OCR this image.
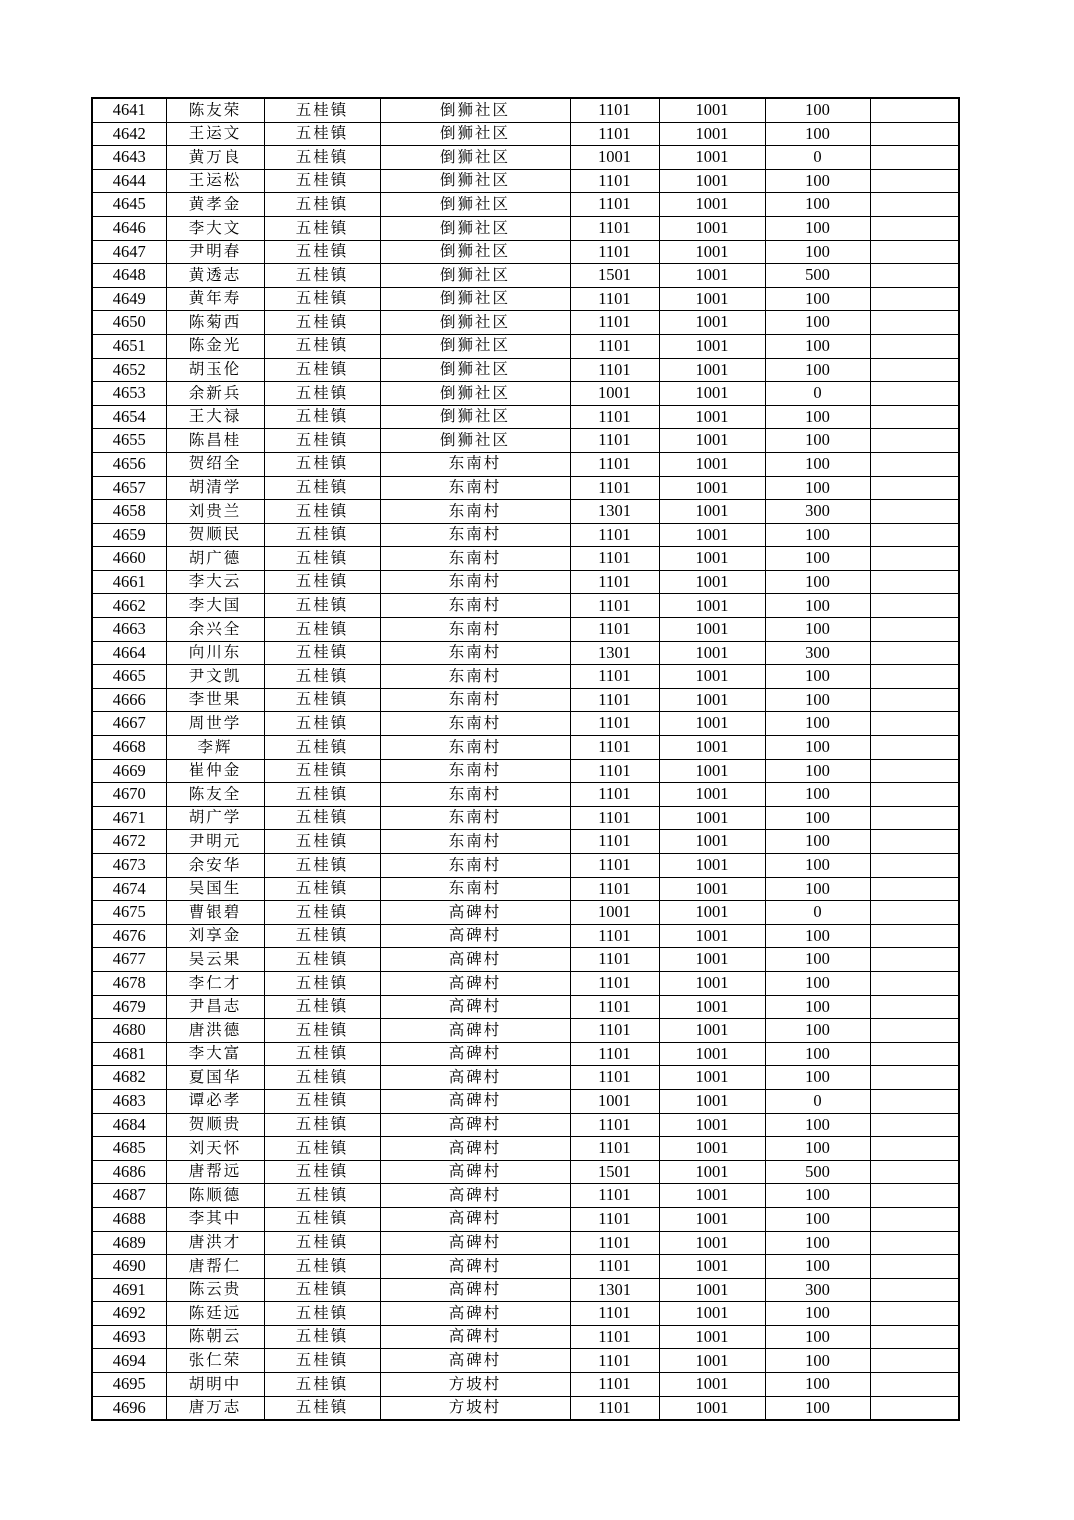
4641	陈友荣	五桂镇	倒狮社区	1101	1001	100	
4642	王运文	五桂镇	倒狮社区	1101	1001	100	
4643	黄万良	五桂镇	倒狮社区	1001	1001	0	
4644	王运松	五桂镇	倒狮社区	1101	1001	100	
4645	黄孝金	五桂镇	倒狮社区	1101	1001	100	
4646	李大文	五桂镇	倒狮社区	1101	1001	100	
4647	尹明春	五桂镇	倒狮社区	1101	1001	100	
4648	黄透志	五桂镇	倒狮社区	1501	1001	500	
4649	黄年寿	五桂镇	倒狮社区	1101	1001	100	
4650	陈菊西	五桂镇	倒狮社区	1101	1001	100	
4651	陈金光	五桂镇	倒狮社区	1101	1001	100	
4652	胡玉伦	五桂镇	倒狮社区	1101	1001	100	
4653	余新兵	五桂镇	倒狮社区	1001	1001	0	
4654	王大禄	五桂镇	倒狮社区	1101	1001	100	
4655	陈昌桂	五桂镇	倒狮社区	1101	1001	100	
4656	贺绍全	五桂镇	东南村	1101	1001	100	
4657	胡清学	五桂镇	东南村	1101	1001	100	
4658	刘贵兰	五桂镇	东南村	1301	1001	300	
4659	贺顺民	五桂镇	东南村	1101	1001	100	
4660	胡广德	五桂镇	东南村	1101	1001	100	
4661	李大云	五桂镇	东南村	1101	1001	100	
4662	李大国	五桂镇	东南村	1101	1001	100	
4663	余兴全	五桂镇	东南村	1101	1001	100	
4664	向川东	五桂镇	东南村	1301	1001	300	
4665	尹文凯	五桂镇	东南村	1101	1001	100	
4666	李世果	五桂镇	东南村	1101	1001	100	
4667	周世学	五桂镇	东南村	1101	1001	100	
4668	李辉	五桂镇	东南村	1101	1001	100	
4669	崔仲金	五桂镇	东南村	1101	1001	100	
4670	陈友全	五桂镇	东南村	1101	1001	100	
4671	胡广学	五桂镇	东南村	1101	1001	100	
4672	尹明元	五桂镇	东南村	1101	1001	100	
4673	余安华	五桂镇	东南村	1101	1001	100	
4674	吴国生	五桂镇	东南村	1101	1001	100	
4675	曹银碧	五桂镇	高碑村	1001	1001	0	
4676	刘享金	五桂镇	高碑村	1101	1001	100	
4677	吴云果	五桂镇	高碑村	1101	1001	100	
4678	李仁才	五桂镇	高碑村	1101	1001	100	
4679	尹昌志	五桂镇	高碑村	1101	1001	100	
4680	唐洪德	五桂镇	高碑村	1101	1001	100	
4681	李大富	五桂镇	高碑村	1101	1001	100	
4682	夏国华	五桂镇	高碑村	1101	1001	100	
4683	谭必孝	五桂镇	高碑村	1001	1001	0	
4684	贺顺贵	五桂镇	高碑村	1101	1001	100	
4685	刘天怀	五桂镇	高碑村	1101	1001	100	
4686	唐帮远	五桂镇	高碑村	1501	1001	500	
4687	陈顺德	五桂镇	高碑村	1101	1001	100	
4688	李其中	五桂镇	高碑村	1101	1001	100	
4689	唐洪才	五桂镇	高碑村	1101	1001	100	
4690	唐帮仁	五桂镇	高碑村	1101	1001	100	
4691	陈云贵	五桂镇	高碑村	1301	1001	300	
4692	陈廷远	五桂镇	高碑村	1101	1001	100	
4693	陈朝云	五桂镇	高碑村	1101	1001	100	
4694	张仁荣	五桂镇	高碑村	1101	1001	100	
4695	胡明中	五桂镇	方坡村	1101	1001	100	
4696	唐万志	五桂镇	方坡村	1101	1001	100	
